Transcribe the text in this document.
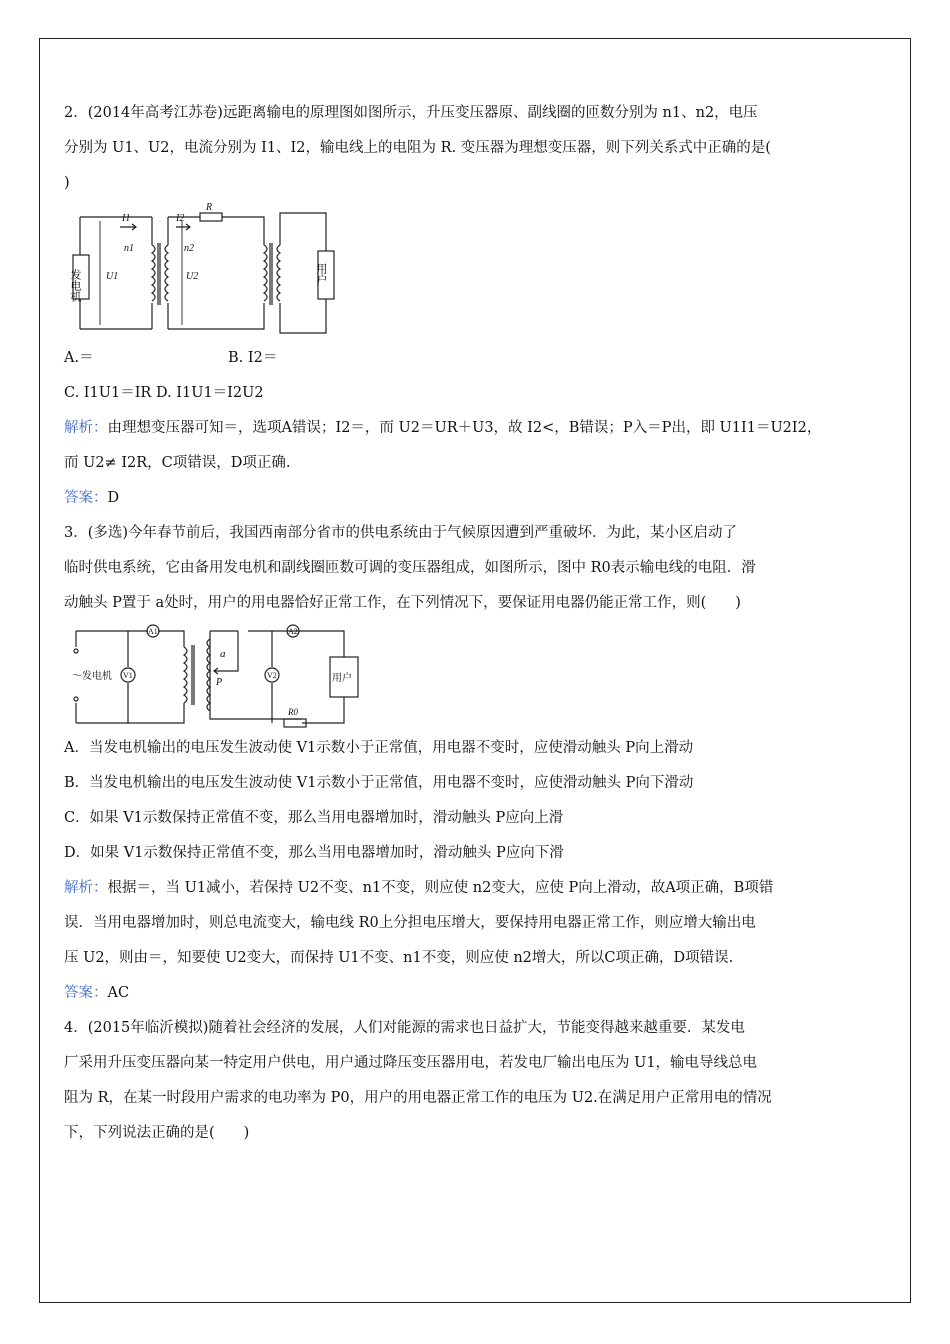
2．(2014年高考江苏卷)远距离输电的原理图如图所示，升压变压器原、副线圈的匝数分别为 n1、n2，电压

分别为 U1、U2，电流分别为 I1、I2，输电线上的电阻为 R. 变压器为理想变压器，则下列关系式中正确的是(

)

I1	I2
R
n1	n2
U1	U2
发电机	用户
A.＝	B. I2＝

C. I1U1＝IR D. I1U1＝I2U2

解析：由理想变压器可知＝，选项A错误；I2＝，而 U2＝UR＋U3，故 I2<，B错误；P入＝P出，即 U1I1＝U2I2，

而 U2≠ I2R，C项错误，D项正确.

答案：D

3．(多选)今年春节前后，我国西南部分省市的供电系统由于气候原因遭到严重破坏．为此，某小区启动了

临时供电系统，它由备用发电机和副线圈匝数可调的变压器组成，如图所示，图中 R0表示输电线的电阻．滑

动触头 P置于 a处时，用户的用电器恰好正常工作，在下列情况下，要保证用电器仍能正常工作，则(　　)

A1	A2
V1	V2
a
P
R0
～发电机	用户

A．当发电机输出的电压发生波动使 V1示数小于正常值，用电器不变时，应使滑动触头 P向上滑动

B．当发电机输出的电压发生波动使 V1示数小于正常值，用电器不变时，应使滑动触头 P向下滑动

C．如果 V1示数保持正常值不变，那么当用电器增加时，滑动触头 P应向上滑

D．如果 V1示数保持正常值不变，那么当用电器增加时，滑动触头 P应向下滑

解析：根据＝，当 U1减小，若保持 U2不变、n1不变，则应使 n2变大，应使 P向上滑动，故A项正确，B项错

误．当用电器增加时，则总电流变大，输电线 R0上分担电压增大，要保持用电器正常工作，则应增大输出电

压 U2，则由＝，知要使 U2变大，而保持 U1不变、n1不变，则应使 n2增大，所以C项正确，D项错误.

答案：AC

4．(2015年临沂模拟)随着社会经济的发展，人们对能源的需求也日益扩大，节能变得越来越重要．某发电

厂采用升压变压器向某一特定用户供电，用户通过降压变压器用电，若发电厂输出电压为 U1，输电导线总电

阻为 R，在某一时段用户需求的电功率为 P0，用户的用电器正常工作的电压为 U2.在满足用户正常用电的情况

下，下列说法正确的是(　　)
